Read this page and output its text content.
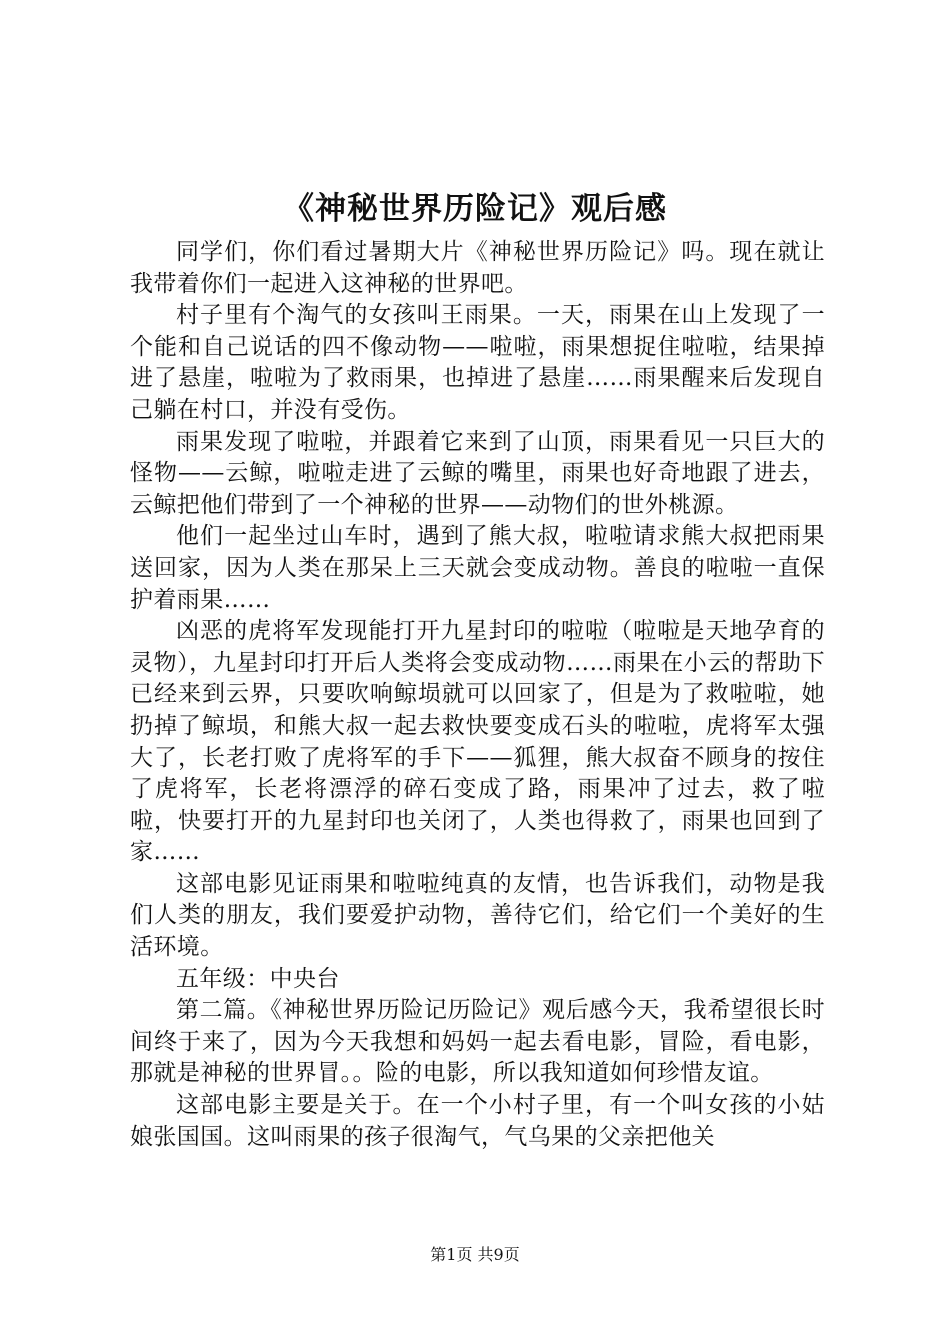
《神秘世界历险记》观后感

同学们，你们看过暑期大片《神秘世界历险记》吗。现在就让我带着你们一起进入这神秘的世界吧。

村子里有个淘气的女孩叫王雨果。一天，雨果在山上发现了一个能和自己说话的四不像动物——啦啦，雨果想捉住啦啦，结果掉进了悬崖，啦啦为了救雨果，也掉进了悬崖……雨果醒来后发现自己躺在村口，并没有受伤。

雨果发现了啦啦，并跟着它来到了山顶，雨果看见一只巨大的怪物——云鲸，啦啦走进了云鲸的嘴里，雨果也好奇地跟了进去，云鲸把他们带到了一个神秘的世界——动物们的世外桃源。

他们一起坐过山车时，遇到了熊大叔，啦啦请求熊大叔把雨果送回家，因为人类在那呆上三天就会变成动物。善良的啦啦一直保护着雨果……

凶恶的虎将军发现能打开九星封印的啦啦（啦啦是天地孕育的灵物），九星封印打开后人类将会变成动物……雨果在小云的帮助下已经来到云界，只要吹响鲸埙就可以回家了，但是为了救啦啦，她扔掉了鲸埙，和熊大叔一起去救快要变成石头的啦啦，虎将军太强大了，长老打败了虎将军的手下——狐狸，熊大叔奋不顾身的按住了虎将军，长老将漂浮的碎石变成了路，雨果冲了过去，救了啦啦，快要打开的九星封印也关闭了，人类也得救了，雨果也回到了家……

这部电影见证雨果和啦啦纯真的友情，也告诉我们，动物是我们人类的朋友，我们要爱护动物，善待它们，给它们一个美好的生活环境。

五年级：中央台

第二篇。《神秘世界历险记历险记》观后感今天，我希望很长时间终于来了，因为今天我想和妈妈一起去看电影，冒险，看电影，那就是神秘的世界冒。。险的电影，所以我知道如何珍惜友谊。

这部电影主要是关于。在一个小村子里，有一个叫女孩的小姑娘张国国。这叫雨果的孩子很淘气，气乌果的父亲把他关

第1页 共9页
